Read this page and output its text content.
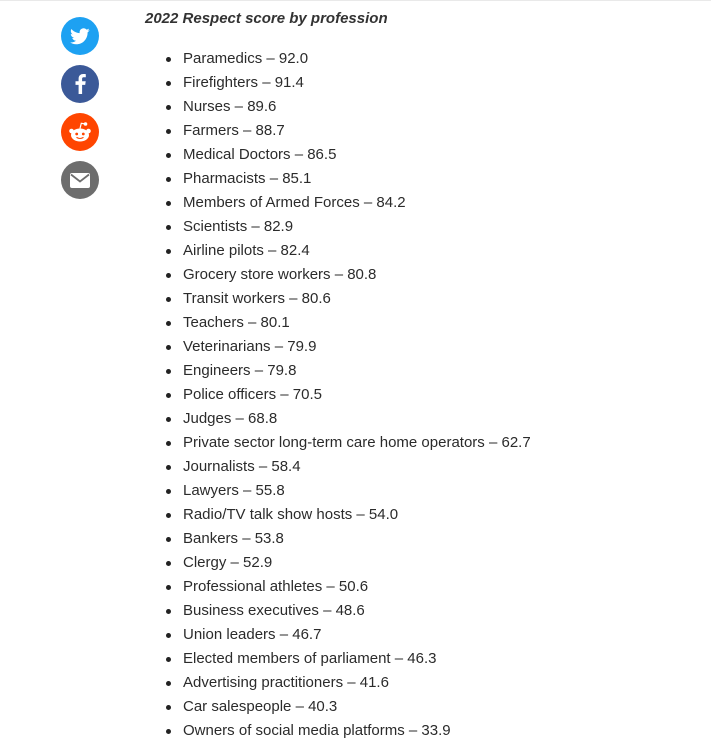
2022 Respect score by profession

Paramedics – 92.0
Firefighters – 91.4
Nurses – 89.6
Farmers – 88.7
Medical Doctors – 86.5
Pharmacists – 85.1
Members of Armed Forces – 84.2
Scientists – 82.9
Airline pilots – 82.4
Grocery store workers – 80.8
Transit workers – 80.6
Teachers – 80.1
Veterinarians – 79.9
Engineers – 79.8
Police officers – 70.5
Judges – 68.8
Private sector long-term care home operators – 62.7
Journalists – 58.4
Lawyers – 55.8
Radio/TV talk show hosts – 54.0
Bankers – 53.8
Clergy – 52.9
Professional athletes – 50.6
Business executives – 48.6
Union leaders – 46.7
Elected members of parliament – 46.3
Advertising practitioners – 41.6
Car salespeople – 40.3
Owners of social media platforms – 33.9
